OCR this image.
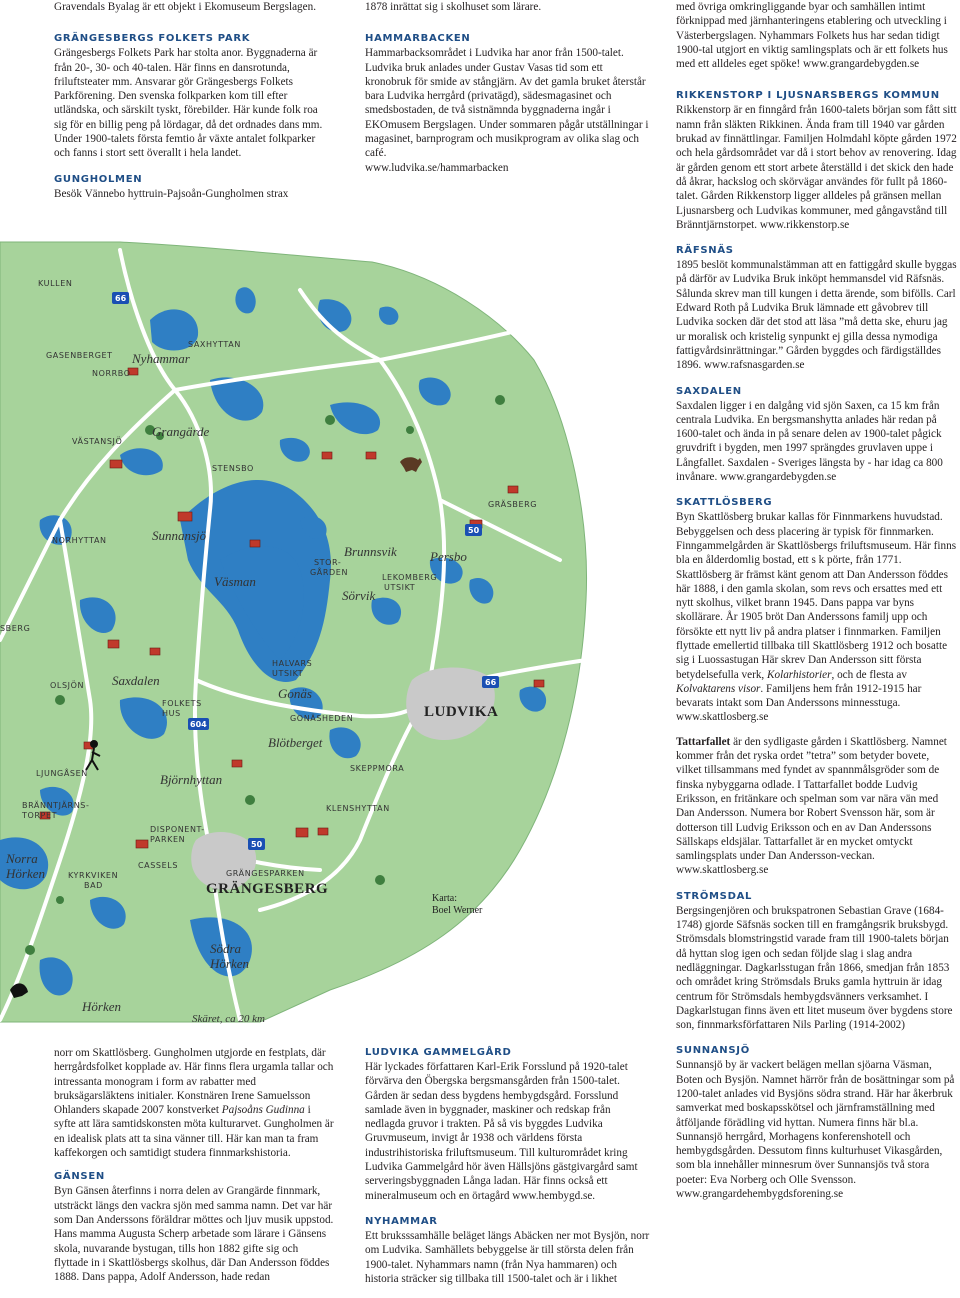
Gravendals Byalag är ett objekt i Ekomuseum Bergslagen.

GRÄNGESBERGS FOLKETS PARK

Grängesbergs Folkets Park har stolta anor. Byggnaderna är från 20-, 30- och 40-talen. Här finns en dansrotunda, friluftsteater mm. Ansvarar gör Grängesbergs Folkets Parkförening. Den svenska folkparken kom till efter utländska, och särskilt tyskt, förebilder. Här kunde folk roa sig för en billig peng på lördagar, då det ordnades dans mm. Under 1900-talets första femtio år växte antalet folkparker och fanns i stort sett överallt i hela landet.

GUNGHOLMEN

Besök Vännebo hyttruin-Pajsoån-Gungholmen strax

1878 inrättat sig i skolhuset som lärare.

HAMMARBACKEN

Hammarbacksområdet i Ludvika har anor från 1500-talet. Ludvika bruk anlades under Gustav Vasas tid som ett kronobruk för smide av stångjärn. Av det gamla bruket återstår bara Ludvika herrgård (privatägd), sädesmagasinet och smedsbostaden, de två sistnämnda byggnaderna ingår i EKOmusem Bergslagen. Under sommaren pågår utställningar i magasinet, barnprogram och musikprogram av olika slag och café.

www.ludvika.se/hammarbacken

KULLEN
GASENBERGET
NORRBO
SAXHYTTAN
VÄSTANSJÖ
STENSBO
GRÄSBERG
NORHYTTAN
STOR-
GÅRDEN
LEKOMBERG
UTSIKT
SBERG
HALVARS
UTSIKT
OLSJÖN
FOLKETS
HUS
GONÄSHEDEN
SKEPPMORA
LJUNGÅSEN
BRÄNNTJÄRNS-
TORPET
KLENSHYTTAN
DISPONENT-
PARKEN
CASSELS
KYRKVIKEN
BAD
GRÄNGESPARKEN
Nyhammar
Grangärde
Sunnansjö
Väsman
Brunnsvik	Persbo
Sörvik
Saxdalen
Gonäs
Blötberget
Björnhyttan
Norra
Hörken
Södra
Hörken
Hörken
Skäret, ca 20 km
LUDVIKA
GRÄNGESBERG
Karta:
Boel Werner
66
50
66
604
50

med övriga omkringliggande byar och samhällen intimt förknippad med järnhanteringens etablering och utveckling i Västerbergslagen. Nyhammars Folkets hus har sedan tidigt 1900-tal utgjort en viktig samlingsplats och är ett folkets hus med ett alldeles eget spöke! www.grangardebygden.se

RIKKENSTORP I LJUSNARSBERGS KOMMUN

Rikkenstorp är en finngård från 1600-talets början som fått sitt namn från släkten Rikkinen. Ända fram till 1940 var gården brukad av finnättlingar. Familjen Holmdahl köpte gården 1972 och hela gårdsområdet var då i stort behov av renovering. Idag är gården genom ett stort arbete återställd i det skick den hade då åkrar, hackslog och skörvägar användes för fullt på 1860-talet. Gården Rikkenstorp ligger alldeles på gränsen mellan Ljusnarsberg och Ludvikas kommuner, med gångavstånd till Bränntjärnstorpet. www.rikkenstorp.se

RÄFSNÄS

1895 beslöt kommunalstämman att en fattiggård skulle byggas på därför av Ludvika Bruk inköpt hemmansdel vid Räfsnäs. Sålunda skrev man till kungen i detta ärende, som bifölls. Carl Edward Roth på Ludvika Bruk lämnade ett gåvobrev till Ludvika socken där det stod att läsa ”må detta ske, ehuru jag ur moralisk och kristelig synpunkt ej gilla dessa nymodiga fattigvårdsinrättningar.” Gården byggdes och färdigställdes 1896. www.rafsnasgarden.se

SAXDALEN

Saxdalen ligger i en dalgång vid sjön Saxen, ca 15 km från centrala Ludvika. En bergsmanshytta anlades här redan på 1600-talet och ända in på senare delen av 1900-talet pågick gruvdrift i bygden, men 1997 sprängdes gruvlaven uppe i Långfallet. Saxdalen - Sveriges längsta by - har idag ca 800 invånare. www.grangardebygden.se

SKATTLÖSBERG

Byn Skattlösberg brukar kallas för Finnmarkens huvudstad. Bebyggelsen och dess placering är typisk för finnmarken. Finngammelgården är Skattlösbergs friluftsmuseum. Här finns bla en ålderdomlig bostad, ett s k pörte, från 1771. Skattlösberg är främst känt genom att Dan Andersson föddes här 1888, i den gamla skolan, som revs och ersattes med ett nytt skolhus, vilket brann 1945. Dans pappa var byns skollärare. År 1905 bröt Dan Anderssons familj upp och försökte ett nytt liv på andra platser i finnmarken. Familjen flyttade emellertid tillbaka till Skattlösberg 1912 och bosatte sig i Luossastugan Här skrev Dan Andersson sitt första betydelsefulla verk, Kolarhistorier, och de flesta av Kolvaktarens visor. Familjens hem från 1912-1915 har bevarats intakt som Dan Anderssons minnesstuga. www.skattlosberg.se

Tattarfallet är den sydligaste gården i Skattlösberg. Namnet kommer från det ryska ordet ”tetra” som betyder bovete, vilket tillsammans med fyndet av spannmålsgröder som de finska nybyggarna odlade. I Tattarfallet bodde Ludvig Eriksson, en fritänkare och spelman som var nära vän med Dan Andersson. Numera bor Robert Svensson här, som är dotterson till Ludvig Eriksson och en av Dan Anderssons Sällskaps eldsjälar. Tattarfallet är en mycket omtyckt samlingsplats under Dan Andersson-veckan. www.skattlosberg.se

STRÖMSDAL

Bergsingenjören och brukspatronen Sebastian Grave (1684-1748) gjorde Säfsnäs socken till en framgångsrik bruksbygd. Strömsdals blomstringstid varade fram till 1900-talets början då hyttan slog igen och sedan följde slag i slag andra nedläggningar. Dagkarlsstugan från 1866, smedjan från 1853 och området kring Strömsdals Bruks gamla hyttruin är idag centrum för Strömsdals hembygdsvänners verksamhet. I Dagkarlstugan finns även ett litet museum över bygdens store son, finnmarksförfattaren Nils Parling (1914-2002)

SUNNANSJÖ

Sunnansjö by är vackert belägen mellan sjöarna Väsman, Boten och Bysjön. Namnet härrör från de bosättningar som på 1200-talet anlades vid Bysjöns södra strand. Här har åkerbruk samverkat med boskapsskötsel och järnframställning med åtföljande förädling vid hyttan. Numera finns här bl.a. Sunnansjö herrgård, Morhagens konferenshotell och hembygdsgården. Dessutom finns kulturhuset Vikasgården, som bla innehåller minnesrum över Sunnansjös två stora poeter: Eva Norberg och Olle Svensson. www.grangardehembygdsforening.se

norr om Skattlösberg. Gungholmen utgjorde en festplats, där herrgårdsfolket kopplade av. Här finns flera urgamla tallar och intressanta monogram i form av rabatter med bruksägarsläktens initialer. Konstnären Irene Samuelsson Ohlanders skapade 2007 konstverket Pajsoåns Gudinna i syfte att lära samtidskonsten möta kulturarvet. Gungholmen är en idealisk plats att ta sina vänner till. Här kan man ta fram kaffekorgen och samtidigt studera finnmarkshistoria.

GÄNSEN

Byn Gänsen återfinns i norra delen av Grangärde finnmark, utsträckt längs den vackra sjön med samma namn. Det var här som Dan Anderssons föräldrar möttes och ljuv musik uppstod. Hans mamma Augusta Scherp arbetade som lärare i Gänsens skola, nuvarande bystugan, tills hon 1882 gifte sig och flyttade in i Skattlösbergs skolhus, där Dan Andersson föddes 1888. Dans pappa, Adolf Andersson, hade redan

LUDVIKA GAMMELGÅRD

Här lyckades författaren Karl-Erik Forsslund på 1920-talet förvärva den Öbergska bergsmansgården från 1500-talet. Gården är sedan dess bygdens hembygdsgård. Forsslund samlade även in byggnader, maskiner och redskap från nedlagda gruvor i trakten. På så vis byggdes Ludvika Gruvmuseum, invigt år 1938 och världens första industrihistoriska friluftsmuseum. Till kulturområdet kring Ludvika Gammelgård hör även Hällsjöns gästgivargård samt serveringsbyggnaden Långa ladan. Här finns också ett mineralmuseum och en örtagård www.hembygd.se.

NYHAMMAR

Ett bruksssamhälle beläget längs Abäcken ner mot Bysjön, norr om Ludvika. Samhällets bebyggelse är till största delen från 1900-talet. Nyhammars namn (från Nya hammaren) och historia sträcker sig tillbaka till 1500-talet och är i likhet
